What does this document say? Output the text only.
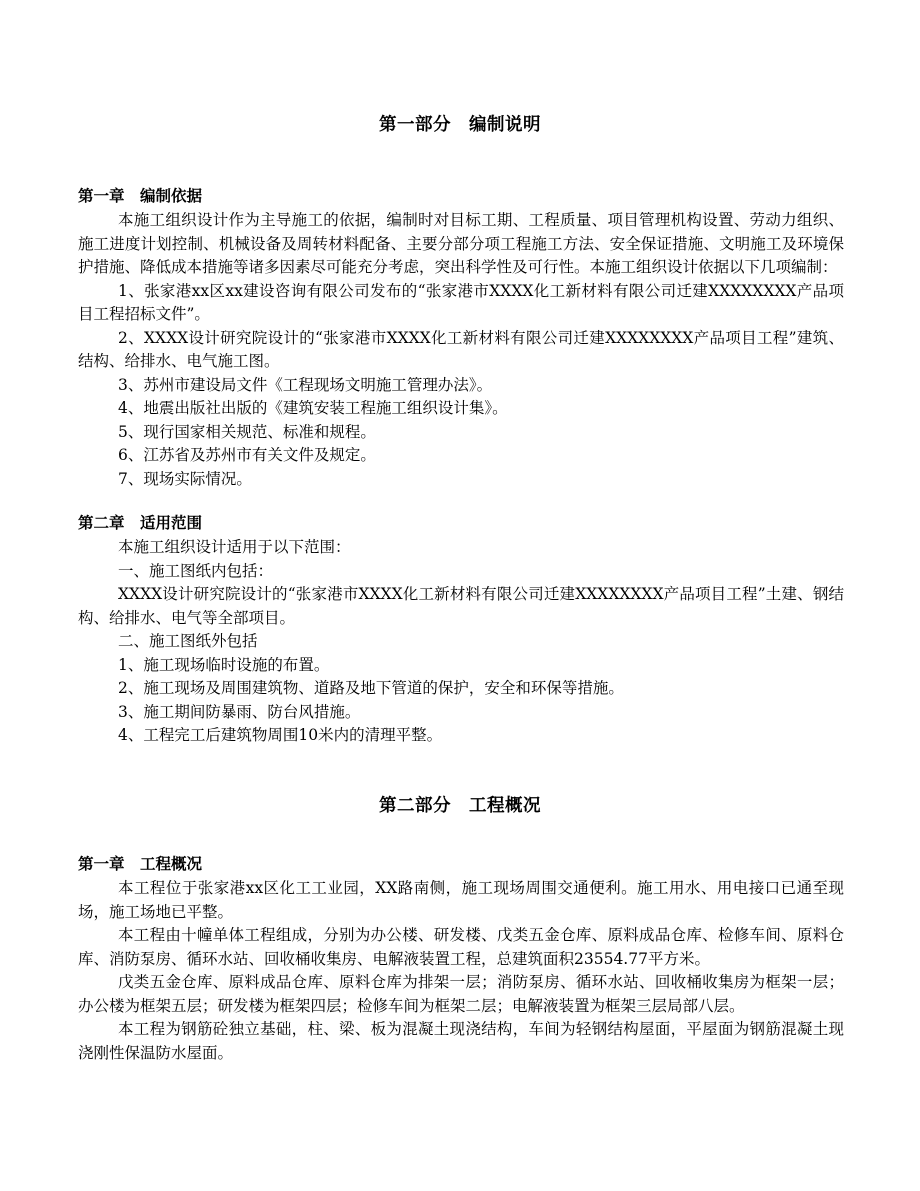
第一部分　编制说明
第一章　编制依据

本施工组织设计作为主导施工的依据，编制时对目标工期、工程质量、项目管理机构设置、劳动力组织、施工进度计划控制、机械设备及周转材料配备、主要分部分项工程施工方法、安全保证措施、文明施工及环境保护措施、降低成本措施等诸多因素尽可能充分考虑，突出科学性及可行性。本施工组织设计依据以下几项编制：

1、张家港xx区xx建设咨询有限公司发布的“张家港市XXXX化工新材料有限公司迁建XXXXXXXX产品项目工程招标文件”。

2、XXXX设计研究院设计的“张家港市XXXX化工新材料有限公司迁建XXXXXXXX产品项目工程”建筑、结构、给排水、电气施工图。

3、苏州市建设局文件《工程现场文明施工管理办法》。

4、地震出版社出版的《建筑安装工程施工组织设计集》。

5、现行国家相关规范、标准和规程。

6、江苏省及苏州市有关文件及规定。

7、现场实际情况。

第二章　适用范围

本施工组织设计适用于以下范围：

一、施工图纸内包括：

XXXX设计研究院设计的“张家港市XXXX化工新材料有限公司迁建XXXXXXXX产品项目工程”土建、钢结构、给排水、电气等全部项目。

二、施工图纸外包括

1、施工现场临时设施的布置。

2、施工现场及周围建筑物、道路及地下管道的保护，安全和环保等措施。

3、施工期间防暴雨、防台风措施。

4、工程完工后建筑物周围10米内的清理平整。

第二部分　工程概况
第一章　工程概况

本工程位于张家港xx区化工工业园，XX路南侧，施工现场周围交通便利。施工用水、用电接口已通至现场，施工场地已平整。

本工程由十幢单体工程组成，分别为办公楼、研发楼、戊类五金仓库、原料成品仓库、检修车间、原料仓库、消防泵房、循环水站、回收桶收集房、电解液装置工程，总建筑面积23554.77平方米。

戊类五金仓库、原料成品仓库、原料仓库为排架一层；消防泵房、循环水站、回收桶收集房为框架一层；办公楼为框架五层；研发楼为框架四层；检修车间为框架二层；电解液装置为框架三层局部八层。

本工程为钢筋砼独立基础，柱、梁、板为混凝土现浇结构，车间为轻钢结构屋面，平屋面为钢筋混凝土现浇刚性保温防水屋面。
